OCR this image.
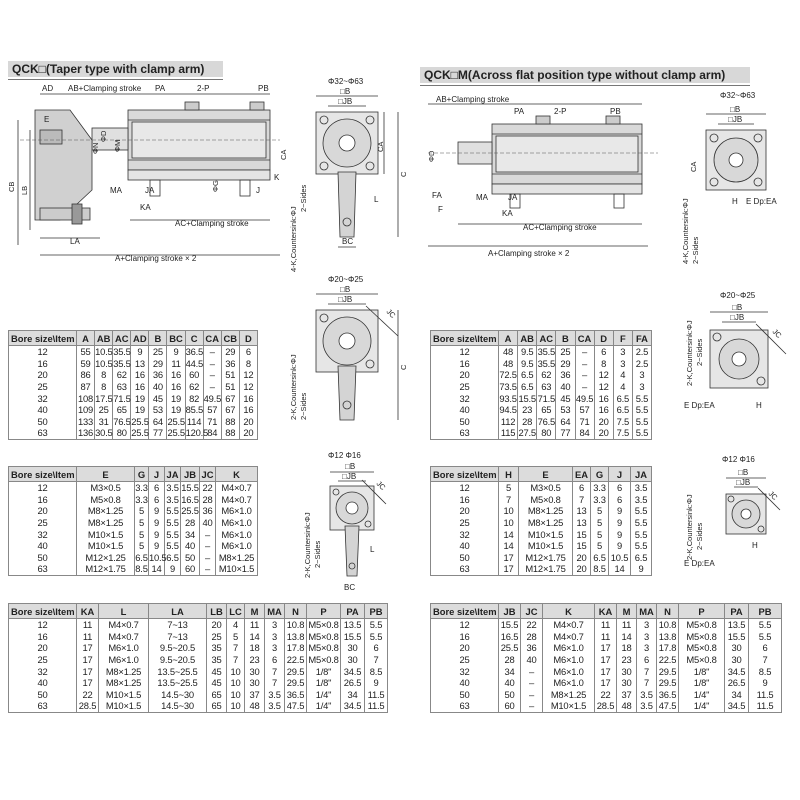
QCK□(Taper type with clamp arm)	QCK□M(Across flat position type without clamp arm)
AD AB+Clamping stroke PA	2-P	PB
E
ΦD
ΦN ΦM
CA
CB LB	MA	JA
KA
ΦG	J
K
LA
AC+Clamping stroke
A+Clamping stroke × 2
Φ32~Φ63
□B
□JB
CA
C
4-K,Countersink:ΦJ
2~Sides	L
BC
Φ20~Φ25
□B
□JB
JC
C
2-K,Countersink:ΦJ 2~Sides
Φ12 Φ16
□B
□JB
JC
2-K,Countersink:ΦJ 2~Sides	L
BC
AB+Clamping stroke
PA	2-P	PB
ΦD
FA
F
MA	JA
KA
AC+Clamping stroke
A+Clamping stroke × 2
Φ32~Φ63
□B
□JB
CA
4-K,Countersink:ΦJ 2~Sides
H E Dp:EA
Φ20~Φ25
□B
□JB
JC
2-K,Countersink:ΦJ 2~Sides
H
E Dp:EA
Φ12 Φ16
□B
□JB
JC
2-K,Countersink:ΦJ 2~Sides	H
E Dp:EA
Bore size\Item	A	AB	AC	AD	B	BC	C	CA	CB	D
12	55	10.5	35.5	9	25	9	36.5	–	29	6
16	59	10.5	35.5	13	29	11	44.5	–	36	8
20	86	8	62	16	36	16	60	–	51	12
25	87	8	63	16	40	16	62	–	51	12
32	108	17.5	71.5	19	45	19	82	49.5	67	16
40	109	25	65	19	53	19	85.5	57	67	16
50	133	31	76.5	25.5	64	25.5	114	71	88	20
63	136	30.5	80	25.5	77	25.5	120.5	84	88	20
Bore size\Item	E	G	J	JA	JB	JC	K
12	M3×0.5	3.3	6	3.5	15.5	22	M4×0.7
16	M5×0.8	3.3	6	3.5	16.5	28	M4×0.7
20	M8×1.25	5	9	5.5	25.5	36	M6×1.0
25	M8×1.25	5	9	5.5	28	40	M6×1.0
32	M10×1.5	5	9	5.5	34	–	M6×1.0
40	M10×1.5	5	9	5.5	40	–	M6×1.0
50	M12×1.25	6.5	10.5	6.5	50	–	M8×1.25
63	M12×1.75	8.5	14	9	60	–	M10×1.5
Bore size\Item	KA	L	LA	LB	LC	M	MA	N	P	PA	PB
12	11	M4×0.7	7~13	20	4	11	3	10.8	M5×0.8	13.5	5.5
16	11	M4×0.7	7~13	25	5	14	3	13.8	M5×0.8	15.5	5.5
20	17	M6×1.0	9.5~20.5	35	7	18	3	17.8	M5×0.8	30	6
25	17	M6×1.0	9.5~20.5	35	7	23	6	22.5	M5×0.8	30	7
32	17	M8×1.25	13.5~25.5	45	10	30	7	29.5	1/8"	34.5	8.5
40	17	M8×1.25	13.5~25.5	45	10	30	7	29.5	1/8"	26.5	9
50	22	M10×1.5	14.5~30	65	10	37	3.5	36.5	1/4"	34	11.5
63	28.5	M10×1.5	14.5~30	65	10	48	3.5	47.5	1/4"	34.5	11.5
Bore size\Item	A	AB	AC	B	CA	D	F	FA
12	48	9.5	35.5	25	–	6	3	2.5
16	48	9.5	35.5	29	–	8	3	2.5
20	72.5	6.5	62	36	–	12	4	3
25	73.5	6.5	63	40	–	12	4	3
32	93.5	15.5	71.5	45	49.5	16	6.5	5.5
40	94.5	23	65	53	57	16	6.5	5.5
50	112	28	76.5	64	71	20	7.5	5.5
63	115	27.5	80	77	84	20	7.5	5.5
Bore size\Item	H	E	EA	G	J	JA
12	5	M3×0.5	6	3.3	6	3.5
16	7	M5×0.8	7	3.3	6	3.5
20	10	M8×1.25	13	5	9	5.5
25	10	M8×1.25	13	5	9	5.5
32	14	M10×1.5	15	5	9	5.5
40	14	M10×1.5	15	5	9	5.5
50	17	M12×1.75	20	6.5	10.5	6.5
63	17	M12×1.75	20	8.5	14	9
Bore size\Item	JB	JC	K	KA	M	MA	N	P	PA	PB
12	15.5	22	M4×0.7	11	11	3	10.8	M5×0.8	13.5	5.5
16	16.5	28	M4×0.7	11	14	3	13.8	M5×0.8	15.5	5.5
20	25.5	36	M6×1.0	17	18	3	17.8	M5×0.8	30	6
25	28	40	M6×1.0	17	23	6	22.5	M5×0.8	30	7
32	34	–	M6×1.0	17	30	7	29.5	1/8"	34.5	8.5
40	40	–	M6×1.0	17	30	7	29.5	1/8"	26.5	9
50	50	–	M8×1.25	22	37	3.5	36.5	1/4"	34	11.5
63	60	–	M10×1.5	28.5	48	3.5	47.5	1/4"	34.5	11.5
